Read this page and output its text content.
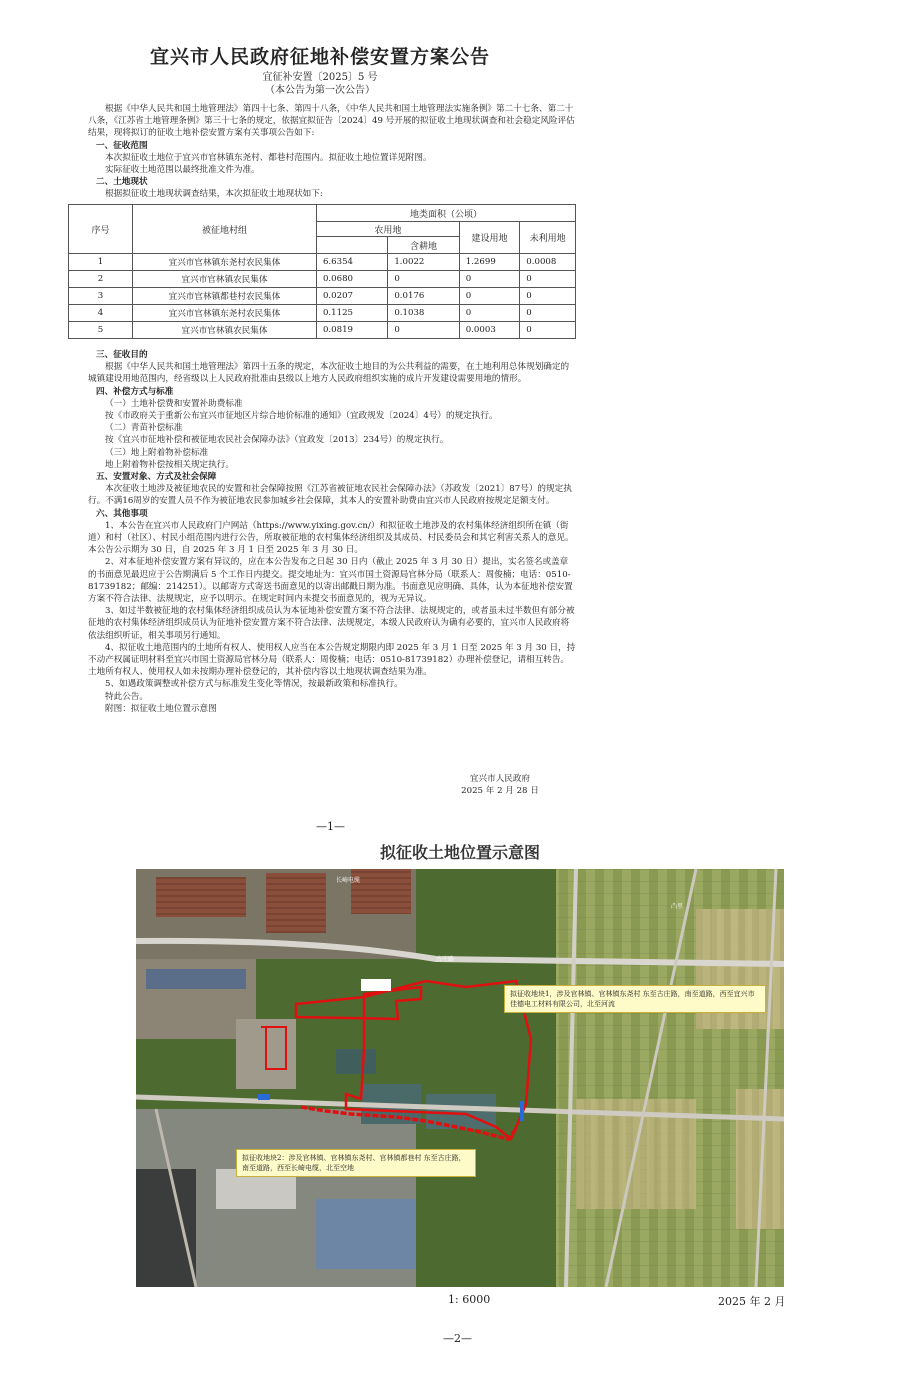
宜兴市人民政府征地补偿安置方案公告
宜征补安置〔2025〕5 号
（本公告为第一次公告）

根据《中华人民共和国土地管理法》第四十七条、第四十八条，《中华人民共和国土地管理法实施条例》第二十七条、第二十八条，《江苏省土地管理条例》第三十七条的规定，依据宜拟征告〔2024〕49 号开展的拟征收土地现状调查和社会稳定风险评估结果，现将拟订的征收土地补偿安置方案有关事项公告如下:

一、征收范围

本次拟征收土地位于宜兴市官林镇东尧村、都巷村范围内。拟征收土地位置详见附图。

实际征收土地范围以最终批准文件为准。

二、土地现状

根据拟征收土地现状调查结果，本次拟征收土地现状如下:

序号	被征地村组	地类面积（公顷）			
		农用地		建设用地	未利用地
			含耕地		
1	宜兴市官林镇东尧村农民集体	6.6354	1.0022	1.2699	0.0008
2	宜兴市官林镇农民集体	0.0680	0	0	0
3	宜兴市官林镇都巷村农民集体	0.0207	0.0176	0	0
4	宜兴市官林镇东尧村农民集体	0.1125	0.1038	0	0
5	宜兴市官林镇农民集体	0.0819	0	0.0003	0

三、征收目的

根据《中华人民共和国土地管理法》第四十五条的规定，本次征收土地目的为公共利益的需要，在土地利用总体规划确定的城镇建设用地范围内，经省级以上人民政府批准由县级以上地方人民政府组织实施的成片开发建设需要用地的情形。

四、补偿方式与标准

（一）土地补偿费和安置补助费标准

按《市政府关于重新公布宜兴市征地区片综合地价标准的通知》（宜政规发〔2024〕4号）的规定执行。

（二）青苗补偿标准

按《宜兴市征地补偿和被征地农民社会保障办法》（宜政发〔2013〕234号）的规定执行。

（三）地上附着物补偿标准

地上附着物补偿按相关规定执行。

五、安置对象、方式及社会保障

本次征收土地涉及被征地农民的安置和社会保障按照《江苏省被征地农民社会保障办法》（苏政发〔2021〕87号）的规定执行。不满16周岁的安置人员不作为被征地农民参加城乡社会保障，其本人的安置补助费由宜兴市人民政府按规定足额支付。

六、其他事项

1、本公告在宜兴市人民政府门户网站（https://www.yixing.gov.cn/）和拟征收土地涉及的农村集体经济组织所在镇（街道）和村（社区）、村民小组范围内进行公告，所取被征地的农村集体经济组织及其成员、村民委员会和其它利害关系人的意见。本公告公示期为 30 日，自 2025 年 3 月 1 日至 2025 年 3 月 30 日。

2、对本征地补偿安置方案有异议的，应在本公告发布之日起 30 日内（截止 2025 年 3 月 30 日）提出，实名签名或盖章的书面意见最迟应于公告期满后 5 个工作日内提交。提交地址为：宜兴市国土资源局官林分局（联系人：周俊楠；电话：0510-81739182；邮编：214251）。以邮寄方式寄送书面意见的以寄出邮戳日期为准。书面意见应明确、具体，认为本征地补偿安置方案不符合法律、法规规定，应予以明示。在规定时间内未提交书面意见的，视为无异议。

3、如过半数被征地的农村集体经济组织成员认为本征地补偿安置方案不符合法律、法规规定的，或者虽未过半数但有部分被征地的农村集体经济组织成员认为征地补偿安置方案不符合法律、法规规定，本级人民政府认为确有必要的，宜兴市人民政府将依法组织听证，相关事项另行通知。

4、拟征收土地范围内的土地所有权人、使用权人应当在本公告规定期限内即 2025 年 3 月 1 日至 2025 年 3 月 30 日，持不动产权属证明材料至宜兴市国土资源局官林分局（联系人：周俊楠；电话：0510-81739182）办理补偿登记，请相互转告。土地所有权人、使用权人如未按期办理补偿登记的，其补偿内容以土地现状调查结果为准。

5、如遇政策调整或补偿方式与标准发生变化等情况，按最新政策和标准执行。

特此公告。

附图：拟征收土地位置示意图

宜兴市人民政府
2025 年 2 月 28 日
—1—
拟征收土地位置示意图
长崎电缆
古庄路
凸里
拟征收地块1，涉及官林镇、官林镇东尧村 东至古庄路，南至道路，西至宜兴市佳德电工材料有限公司，北至河流
拟征收地块2：涉及官林镇、官林镇东尧村、官林镇都巷村 东至古庄路，南至道路，西至长崎电缆，北至空地
1: 6000	2025 年 2 月
—2—
